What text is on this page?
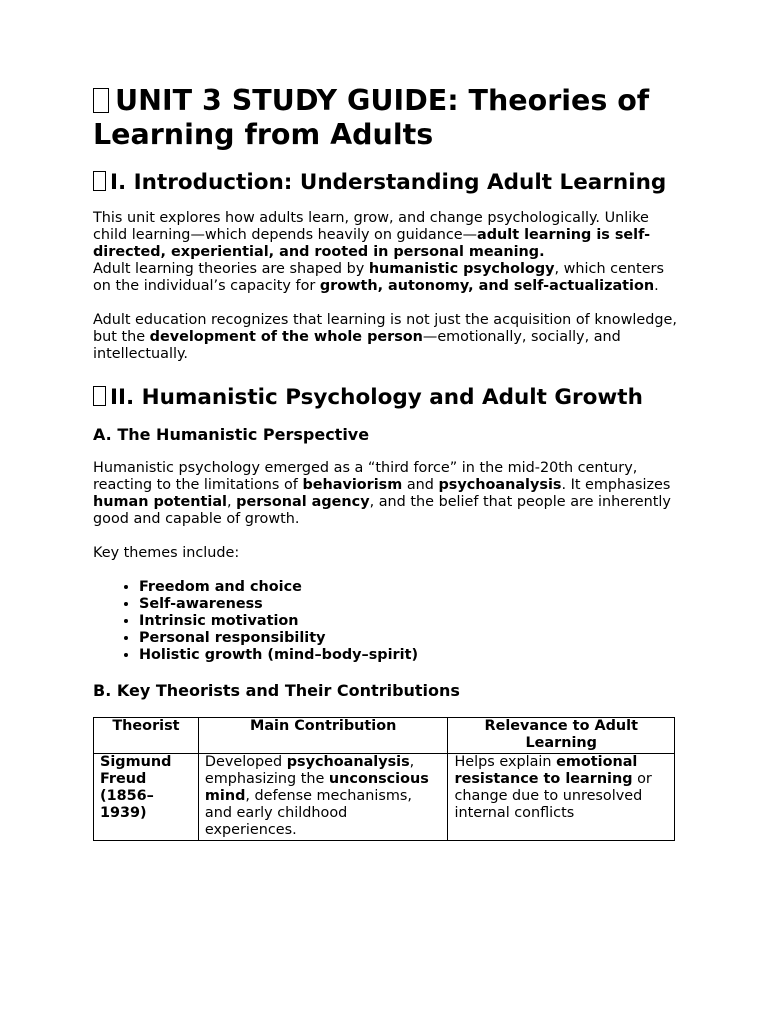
UNIT 3 STUDY GUIDE: Theories of Learning from Adults
I. Introduction: Understanding Adult Learning

This unit explores how adults learn, grow, and change psychologically. Unlike child learning—which depends heavily on guidance—adult learning is self-directed, experiential, and rooted in personal meaning.

Adult learning theories are shaped by humanistic psychology, which centers on the individual’s capacity for growth, autonomy, and self-actualization.

Adult education recognizes that learning is not just the acquisition of knowledge, but the development of the whole person—emotionally, socially, and intellectually.

II. Humanistic Psychology and Adult Growth
A. The Humanistic Perspective

Humanistic psychology emerged as a “third force” in the mid-20th century, reacting to the limitations of behaviorism and psychoanalysis. It emphasizes human potential, personal agency, and the belief that people are inherently good and capable of growth.

Key themes include:

• Freedom and choice
• Self-awareness
• Intrinsic motivation
• Personal responsibility
• Holistic growth (mind–body–spirit)
B. Key Theorists and Their Contributions
Theorist	Main Contribution	Relevance to Adult Learning
Sigmund Freud (1856–1939)	Developed psychoanalysis, emphasizing the unconscious mind, defense mechanisms, and early childhood experiences.	Helps explain emotional resistance to learning or change due to unresolved internal conflicts
